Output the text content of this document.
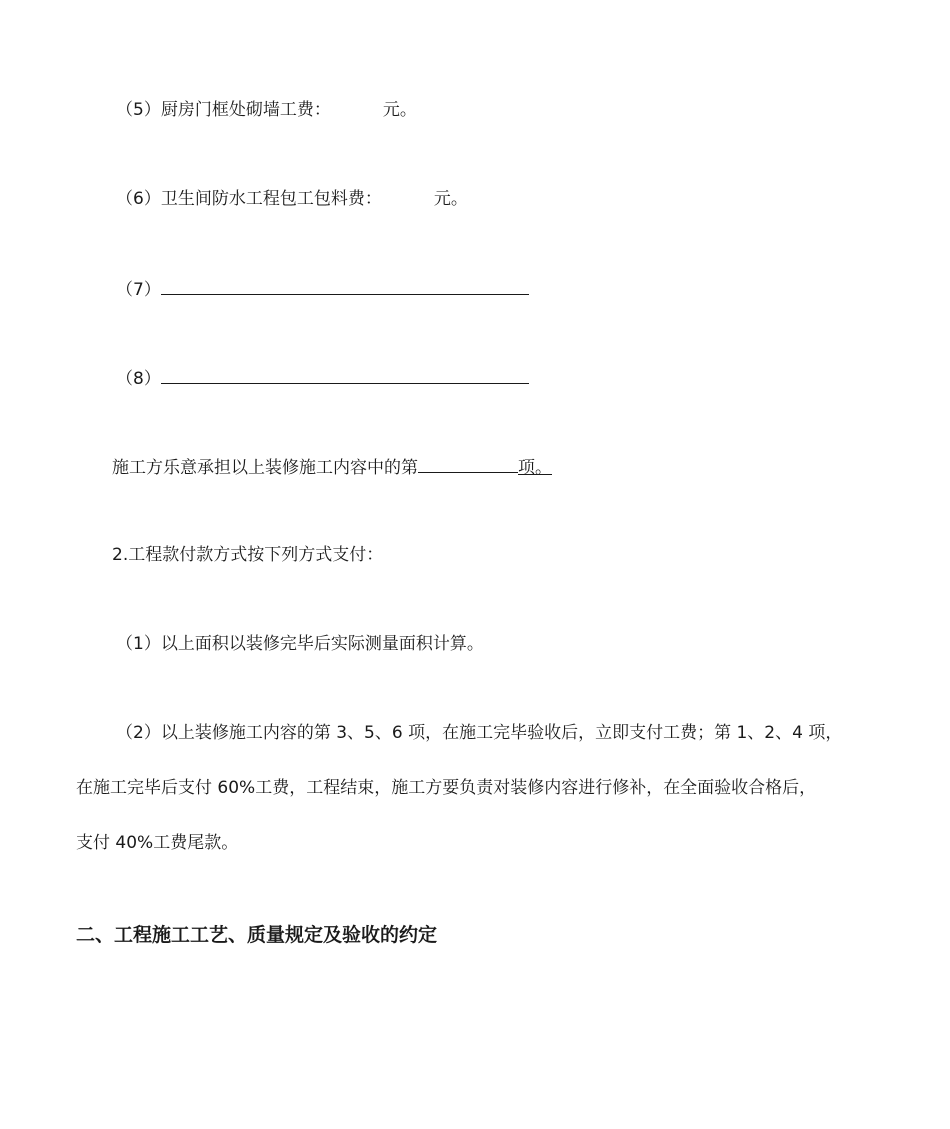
（5）厨房门框处砌墙工费：	元。
（6）卫生间防水工程包工包料费：	元。
（7）
（8）
施工方乐意承担以上装修施工内容中的第	项。
2.工程款付款方式按下列方式支付：
（1）以上面积以装修完毕后实际测量面积计算。
（2）以上装修施工内容的第 3、5、6 项，在施工完毕验收后，立即支付工费；第 1、2、4 项，
在施工完毕后支付 60%工费，工程结束，施工方要负责对装修内容进行修补，在全面验收合格后，
支付 40%工费尾款。
二、工程施工工艺、质量规定及验收的约定
